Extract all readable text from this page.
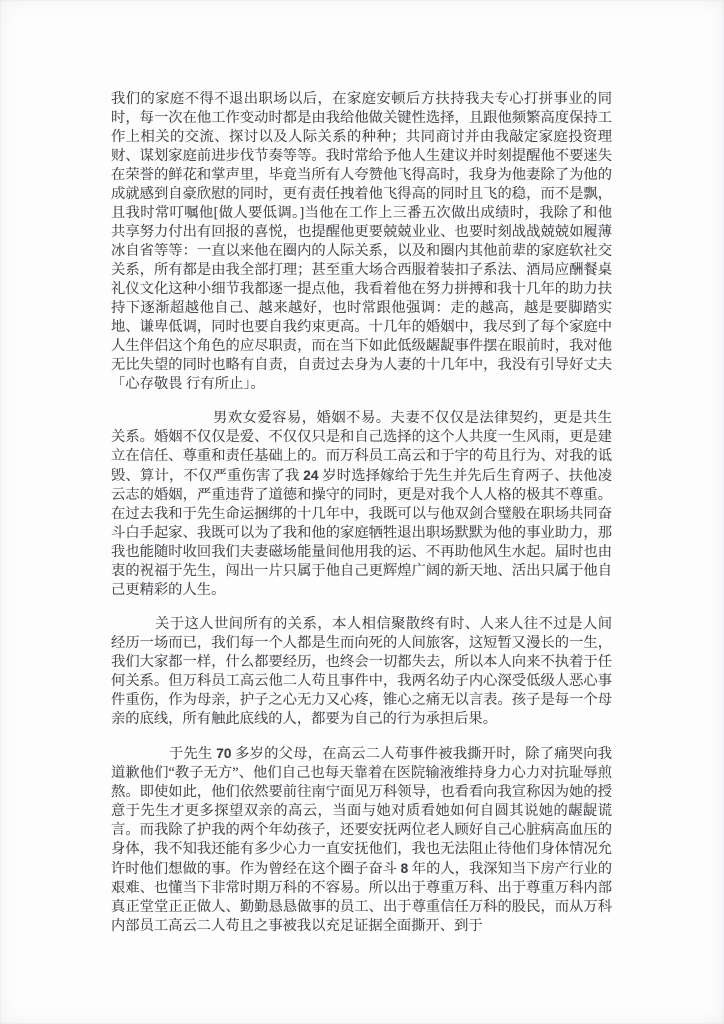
我们的家庭不得不退出职场以后，在家庭安顿后方扶持我夫专心打拼事业的同时，每一次在他工作变动时都是由我给他做关键性选择，且跟他频繁高度保持工作上相关的交流、探讨以及人际关系的种种；共同商讨并由我敲定家庭投资理财、谋划家庭前进步伐节奏等等。我时常给予他人生建议并时刻提醒他不要迷失在荣誉的鲜花和掌声里，毕竟当所有人夸赞他飞得高时，我身为他妻除了为他的成就感到自豪欣慰的同时，更有责任拽着他飞得高的同时且飞的稳，而不是飘，且我时常叮嘱他[做人要低调。]当他在工作上三番五次做出成绩时，我除了和他共享努力付出有回报的喜悦，也提醒他更要兢兢业业、也要时刻战战兢兢如履薄冰自省等等：一直以来他在圈内的人际关系，以及和圈内其他前辈的家庭软社交关系，所有都是由我全部打理；甚至重大场合西服着装扣子系法、酒局应酬餐桌礼仪文化这种小细节我都逐一提点他，我看着他在努力拼搏和我十几年的助力扶持下逐渐超越他自己、越来越好，也时常跟他强调：走的越高，越是要脚踏实地、谦卑低调，同时也要自我约束更高。十几年的婚姻中，我尽到了每个家庭中人生伴侣这个角色的应尽职责，而在当下如此低级龌龊事件摆在眼前时，我对他无比失望的同时也略有自责，自责过去身为人妻的十几年中，我没有引导好丈夫「心存敬畏 行有所止」。

男欢女爱容易，婚姻不易。夫妻不仅仅是法律契约，更是共生关系。婚姻不仅仅是爱、不仅仅只是和自己选择的这个人共度一生风雨，更是建立在信任、尊重和责任基础上的。而万科员工高云和于宇的苟且行为、对我的诋毁、算计，不仅严重伤害了我 24 岁时选择嫁给于先生并先后生育两子、扶他凌云志的婚姻，严重违背了道德和操守的同时，更是对我个人人格的极其不尊重。在过去我和于先生命运捆绑的十几年中，我既可以与他双剑合璧般在职场共同奋斗白手起家、我既可以为了我和他的家庭牺牲退出职场默默为他的事业助力，那我也能随时收回我们夫妻磁场能量间他用我的运、不再助他风生水起。届时也由衷的祝福于先生，闯出一片只属于他自己更辉煌广阔的新天地、活出只属于他自己更精彩的人生。

关于这人世间所有的关系，本人相信聚散终有时、人来人往不过是人间经历一场而已，我们每一个人都是生而向死的人间旅客，这短暂又漫长的一生，我们大家都一样，什么都要经历，也终会一切都失去，所以本人向来不执着于任何关系。但万科员工高云他二人苟且事件中，我两名幼子内心深受低级人恶心事件重伤，作为母亲，护子之心无力又心疼，锥心之痛无以言表。孩子是每一个母亲的底线，所有触此底线的人，都要为自己的行为承担后果。

于先生 70 多岁的父母，在高云二人苟事件被我撕开时，除了痛哭向我道歉他们“教子无方”、他们自己也每天靠着在医院输液维持身力心力对抗耻辱煎熬。即使如此，他们依然要前往南宁面见万科领导，也看看向我宣称因为她的授意于先生才更多探望双亲的高云，当面与她对质看她如何自圆其说她的龌龊谎言。而我除了护我的两个年幼孩子，还要安抚两位老人顾好自己心脏病高血压的身体，我不知我还能有多少心力一直安抚他们，我也无法阻止待他们身体情况允许时他们想做的事。作为曾经在这个圈子奋斗 8 年的人，我深知当下房产行业的艰难、也懂当下非常时期万科的不容易。所以出于尊重万科、出于尊重万科内部真正堂堂正正做人、勤勤恳恳做事的员工、出于尊重信任万科的股民，而从万科内部员工高云二人苟且之事被我以充足证据全面撕开、到于
